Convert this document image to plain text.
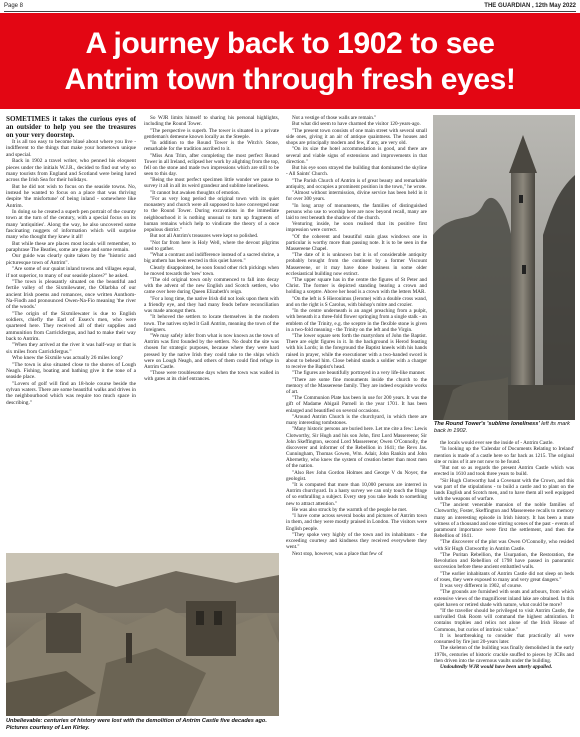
Page 8	THE GUARDIAN , 12th May 2022
A journey back to 1902 to see
Antrim town through fresh eyes!

SOMETIMES it takes the curious eyes of an outsider to help you see the treasures on your very doorstep.

It is all too easy to become blasé about where you live - indifferent to the things that make your hometown unique and special.

Back in 1902 a travel writer, who penned his eloquent pieces under the initials W.J.R., decided to find out why so many tourists from England and Scotland were being lured across the Irish Sea for their holidays.

But he did not wish to focus on the seaside towns. No, instead he wanted to focus on a place that was thriving despite 'the misfortune' of being inland - somewhere like Antrim.

In doing so he created a superb pen portrait of the county town at the turn of the century, with a special focus on its many 'antiquities'. Along the way, he also uncovered some fascinating nuggets of information which will surprise many who thought they knew it all!

But while these are places most locals will remember, to paraphrase The Beatles, some are gone and some remain.

Our guide was clearly quite taken by the "historic and picturesque town of Antrim".

"Are some of our quaint inland towns and villages equal, if not superior, to many of our seaside places?" he asked.

"The town is pleasantly situated on the beautiful and fertile valley of the Sixmilewater, the Ollarbha of our ancient Irish poems and romances, once written Aunthom-Na-Fiodh and pronounced Owen-Na-Fio meaning 'the river of the woods.'

"The origin of the Sixmilewater is due to English soldiers, chiefly the Earl of Essex's men, who were quartered here. They received all of their supplies and ammunition from Carrickfergus, and had to make their way back to Antrim.

"When they arrived at the river it was half-way or that is six miles from Carrickfergus."

Who knew the Sixmile was actually 26 miles long?

"The town is also situated close to the shores of Lough Neagh. Fishing, boating and bathing give it the tone of a seaside place.

"Lovers of golf will find an 18-hole course beside the sylvan waters. There are some beautiful walks and drives in the neighbourhood which was require too much space in describing."

So WJR limits himself to sharing his personal highlights, including the Round Tower.

"The perspective is superb. The tower is situated in a private gentleman's demesne known locally as the Steeple.

"In addition to the Round Tower is the Witch's Stone, remarkable for the tradition ascribed to it.

"Miss Ann Trim, after completing the most perfect Round Tower in all Ireland, eclipsed her work by alighting from the top, fell on the stone and made two impressions which are still to be seen to this day.

"Being the most perfect specimen little wonder we pause to survey it all in all its weird grandeur and sublime loneliness.

"It cannot but awaken thoughts of emotion.

"For as very long period the original town with its quiet monastery and church were all supposed to have converged near to the Round Tower. During excavations in the immediate neighbourhood it is nothing unusual to turn up fragments of human remains which help to vindicate the theory of a once populous district."

But not all Antrim's treasures were kept so polished.

"Not far from here is Holy Well, where the devout pilgrims used to gather.

"What a contrast and indifference instead of a sacred shrine, a big anthem has been erected in this quiet haven."

Clearly disappointed, he soon found other rich pickings when he moved towards the 'new' town.

"The old original town only commenced to fall into decay with the advent of the new English and Scotch settlers, who came over here during Queen Elizabeth's reign.

"For a long time, the native Irish did not look upon them with a friendly eye, and they had many feuds before reconciliation was made amongst them.

"It behoved the settlers to locate themselves in the modern town. The natives styled it Gall Antrim, meaning the town of the foreigners.

"We may safely infer from what is now known as the town of Antrim was first founded by the settlers. No doubt the site was chosen for strategic purposes, because where they were hard pressed by the native Irish they could take to the ships which were on Lough Neagh, and others of them could find refuge in Antrim Castle.

"Those were troublesome days when the town was walled in with gates at its chief entrances.

Not a vestige of those walls are remain."

But what did seem to have charmed the visitor 120-years-ago.

"The present town consists of one main street with several small side ones, giving it an air of antique quaintness. The houses and shops are principally modern and few, if any, are very old.

"On its size the hotel accommodation is good, and there are several and viable signs of extensions and improvements in that direction."

But his eye soon strayed the building that dominated the skyline - All Saints' Church.

"The Parish Church of Antrim is of great beauty and remarkable antiquity, and occupies a prominent position in the town," he wrote.

"Almost without intermission, divine service has been held in it for over 300 years.

"In long array of monuments, the families of distinguished persons who use to worship here are now beyond recall, many are laid to rest beneath the shadow of the church.

Venturing inside, he soon realised that its positive first impression were correct.

"Of the coherent and beautiful stain glass windows one in particular is worthy more than passing note. It is to be seen in the Massereene Chapel.

"The date of it is unknown but it is of considerable antiquity probably brought from the continent by a former Viscount Massereene, or it may have done business in some older ecclesiastical building now extinct.

"The upper square has in the centre the figures of St Peter and Christ. The former is depicted standing bearing a crown and holding a sceptre. Above her head is a crown with the letters MAR.

"On the left is S Hieronimus (Jerome) with a double cross wand, and on the right is S Carolus, with bishop's mitre and crozier.

"In the centre underneath is an angel preaching from a pulpit, with beneath it a three-fold flower springing from a single stalk - an emblem of the Trinity, e.g. the sceptre in the flexible stone is given in a two-fold meaning - the Trinity on the left and the Virgin.

"The lower square sets forth the martyrdom of John the Baptist. There are eight figures in it. In the background is Herod feasting with his Lords; in the foreground the Baptist kneels with his hands raised in prayer, while the executioner with a two-handed sword is about to behead him. Close behind stands a soldier with a charger to receive the Baptist's head.

"The figures are beautifully portrayed in a very life-like manner.

"There are some fine monuments inside the church to the memory of the Massereene family. They are indeed exquisite works of art.

"The Communion Plate has been in use for 200 years. It was the gift of Madame Abigail Parnell in the year 1701. It has been enlarged and beautified on several occasions.

"Around Antrim Church is the churchyard, in which there are many interesting tombstones.

"Many historic persons are buried here. Let me cite a few: Lewis Clotworthy, Sir Hugh and his son John, first Lord Massereene; Sir John Skeffington, second Lord Massereene; Owen O'Connolly, the discoverer and informer of the Rebellion in 1641; the Revs Jas. Cunningham, Thomas Gowen, Wm. Adair, John Rankin and John Abernethy, who knew the system of creation better than most men of the nation.

"Also Rev John Gordon Holmes and George V du Noyer, the geologist.

"It is computed that more than 10,000 persons are interred in Antrim churchyard. In a hasty survey we can only touch the fringe of so enthralling a subject. Every step you take leads to something new to attract attention."

He was also struck by the warmth of the people he met.

"I have come across several books and pictures of Antrim town in them, and they were mostly praised in London. The visitors were English people.

"They spoke very highly of the town and its inhabitants - the exceeding courtesy and kindness they received everywhere they went."

Next stop, however, was a place that few of

the locals would ever see the inside of - Antrim Castle.

"In looking up the 'Calendar of Documents Relating to Ireland' mention is made of a castle here so far back as 1215. The original site or ruins of it are not now to be found.

"But not so as regards the present Antrim Castle which was erected in 1610 and took three years to build.

"Sir Hugh Clotworthy had a Covenant with the Crown, and this was part of the stipulations - to build a castle and to plant on the lands English and Scotch men, and to have them all well equipped with the weapons of warfare.

"The ancient venerable mansion of the noble families of Clotworthy, Foster, Skeffington and Massereene recalls to memory many an interesting episode in Irish history. It has been a mute witness of a thousand and one stirring scenes of the past - events of paramount importance were first the settlement, and then the Rebellion of 1641.

"The discoverer of the plot was Owen O'Connolly, who resided with Sir Hugh Clotworthy in Antrim Castle.

"The Puritan Rebellion, the Usurpation, the Restoration, the Revolution and Rebellion of 1798 have passed in panoramic succession before these ancient embattled walls.

"The earlier inhabitants of Antrim Castle did not sleep on beds of roses, they were exposed to many and very great dangers."

It was very different in 1902, of course.

"The grounds are furnished with seats and arbours, from which extensive views of the magnificent inland lake are obtained. In this quiet haven or retired shade with nature, what could be more?

"If the traveller should be privileged to visit Antrim Castle, the unrivalled Oak Room will command the highest admiration. It contains trophies and relics not alone of the Irish House of Commons, but curios of intrinsic value."

It is heartbreaking to consider that practically all were consumed by fire just 20-years later.

The skeleton of the building was finally demolished in the early 1970s, centuries of historic crackle snuffed to pieces by JCBs and then driven into the cavernous vaults under the building.

Undoubtedly WJR would have been utterly appalled.

The Round Tower's 'sublime loneliness' left its mark back in 1902.
Unbelievable: centuries of history were lost with the demolition of Antrim Castle five decades ago. Pictures courtesy of Len Kirley.
